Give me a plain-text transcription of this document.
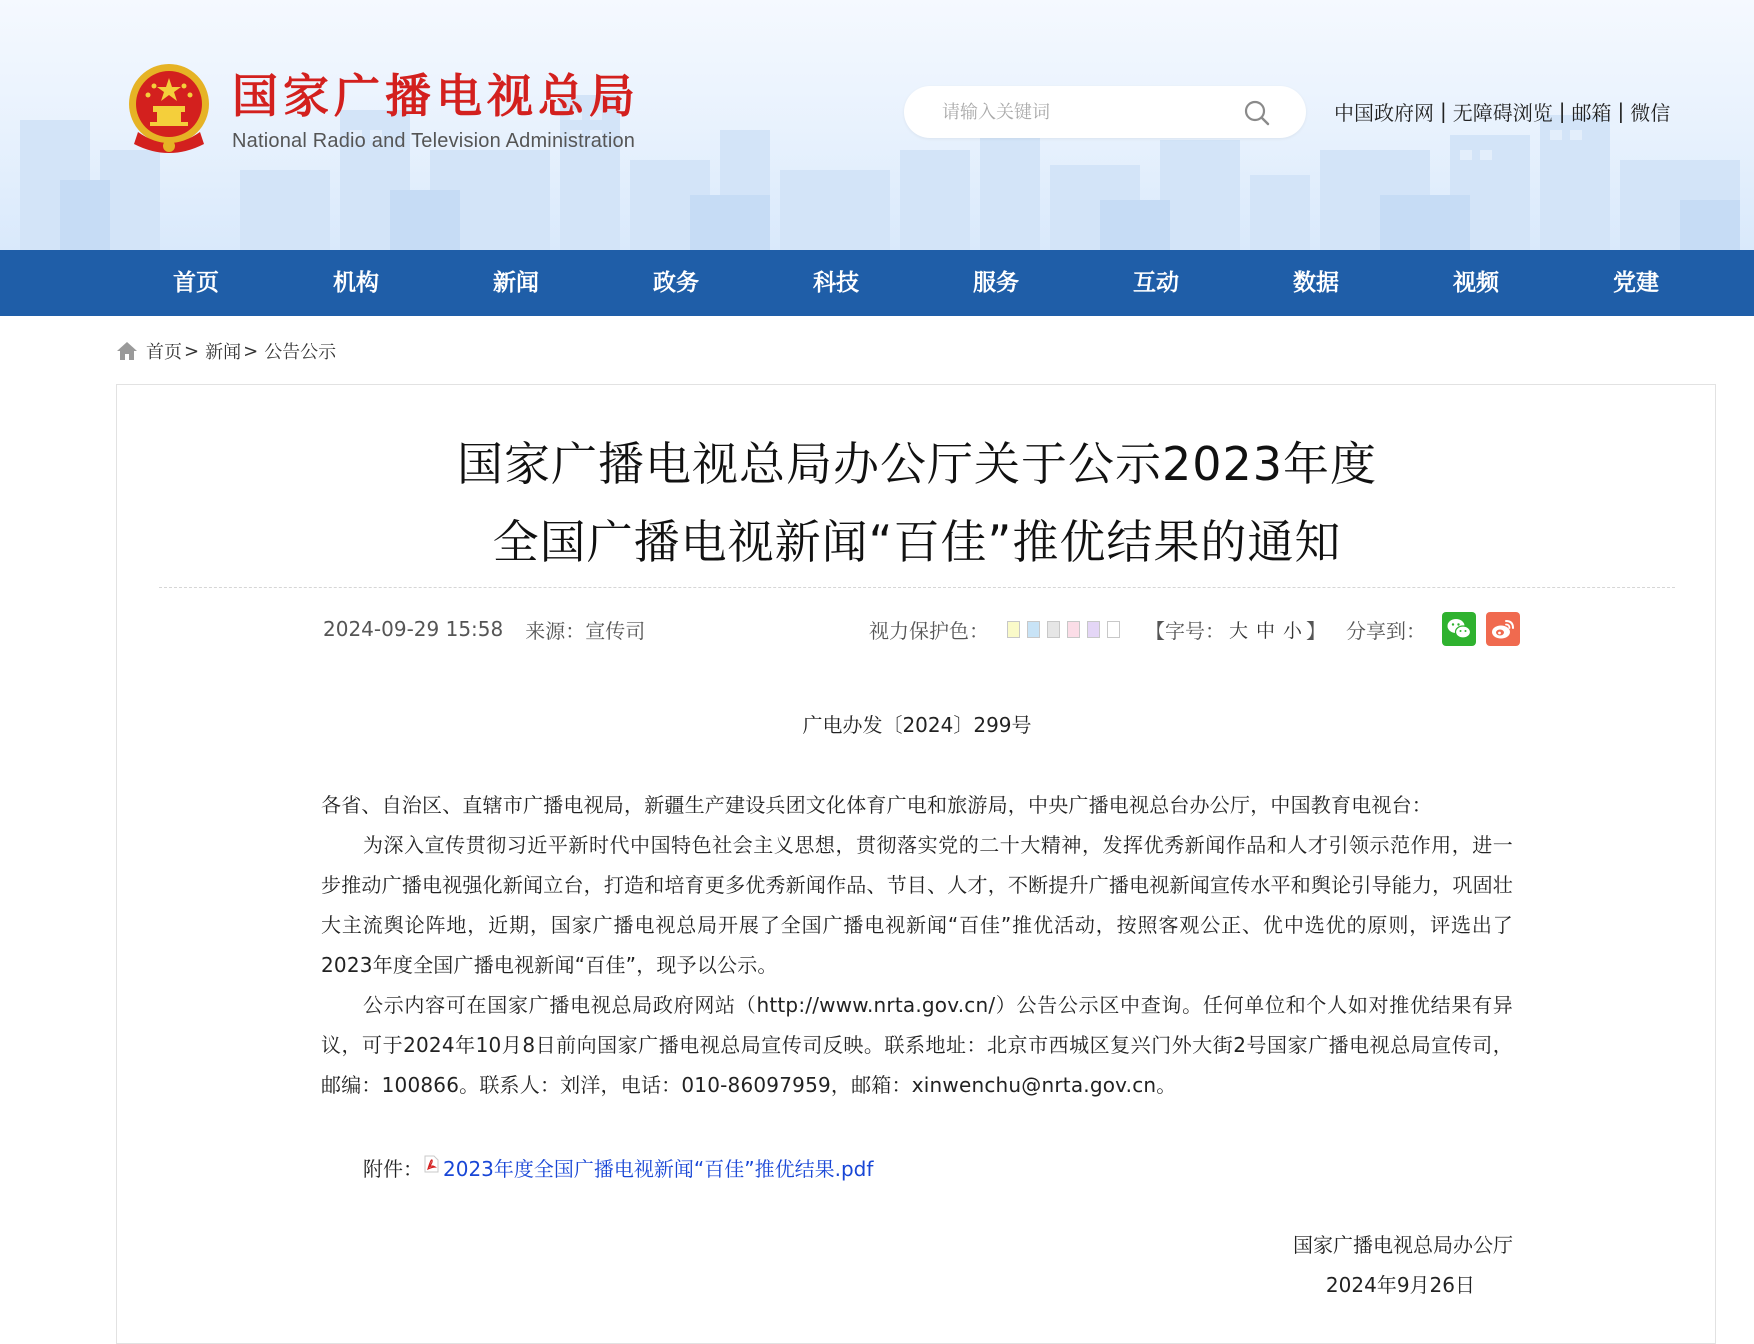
国家广播电视总局
National Radio and Television Administration
请输入关键词
中国政府网 | 无障碍浏览 | 邮箱 | 微信
首页	机构	新闻	政务	科技	服务	互动	数据	视频	党建
首页 > 新闻 > 公告公示
国家广播电视总局办公厅关于公示2023年度
全国广播电视新闻“百佳”推优结果的通知
2024-09-29 15:58 来源：宣传司	视力保护色：	【字号： 大 中 小 】 分享到：
广电办发〔2024〕299号

各省、自治区、直辖市广播电视局，新疆生产建设兵团文化体育广电和旅游局，中央广播电视总台办公厅，中国教育电视台：

为深入宣传贯彻习近平新时代中国特色社会主义思想，贯彻落实党的二十大精神，发挥优秀新闻作品和人才引领示范作用，进一步推动广播电视强化新闻立台，打造和培育更多优秀新闻作品、节目、人才，不断提升广播电视新闻宣传水平和舆论引导能力，巩固壮大主流舆论阵地，近期，国家广播电视总局开展了全国广播电视新闻“百佳”推优活动，按照客观公正、优中选优的原则，评选出了2023年度全国广播电视新闻“百佳”，现予以公示。

公示内容可在国家广播电视总局政府网站（http://www.nrta.gov.cn/）公告公示区中查询。任何单位和个人如对推优结果有异议，可于2024年10月8日前向国家广播电视总局宣传司反映。联系地址：北京市西城区复兴门外大街2号国家广播电视总局宣传司，邮编：100866。联系人：刘洋，电话：010-86097959，邮箱：xinwenchu@nrta.gov.cn。

附件： 2023年度全国广播电视新闻“百佳”推优结果.pdf
国家广播电视总局办公厅
2024年9月26日
